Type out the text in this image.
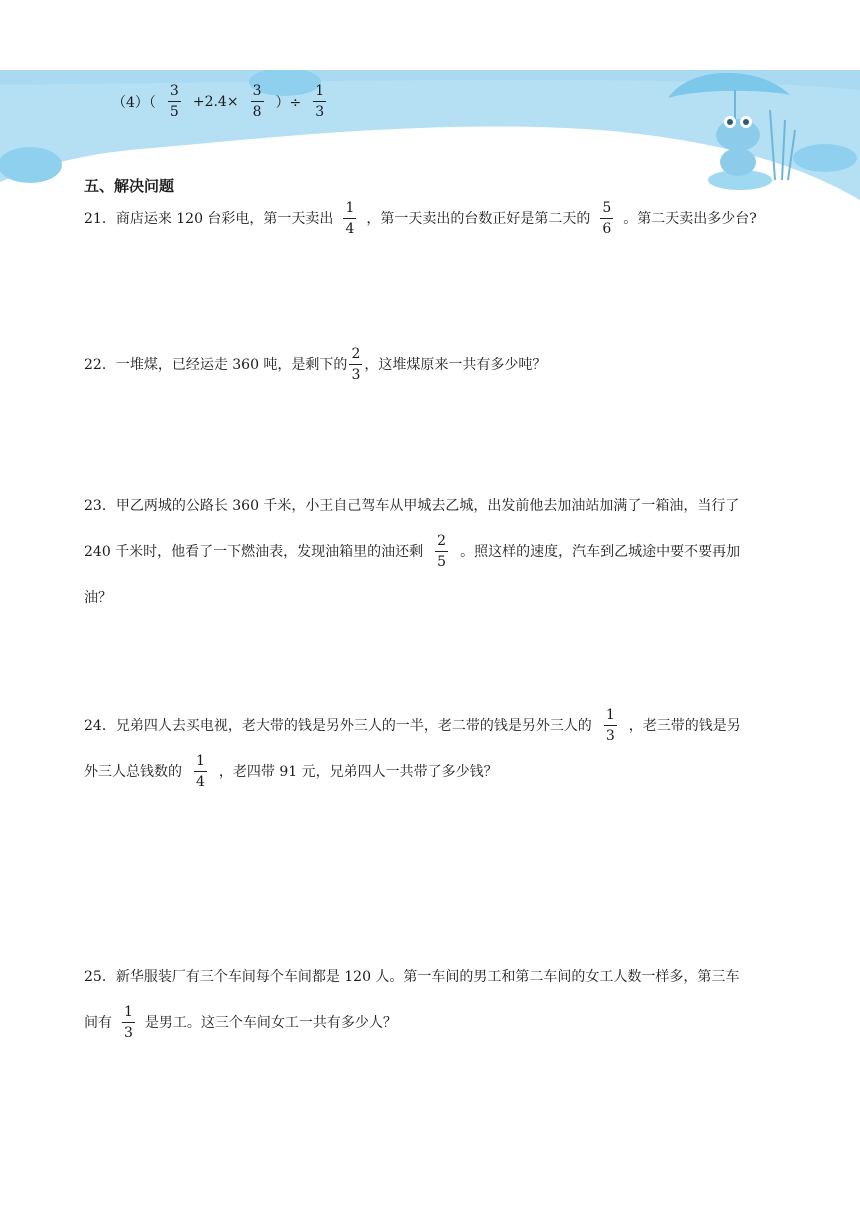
$(4)( \frac{3}{5} +2.4\times \frac{3}{8}$ ）÷ $\frac{1}{3}$
五、解决问题
21．商店运来 120 台彩电，第一天卖出 $\frac{1}{4}$ ，第一天卖出的台数正好是第二天的 $\frac{5}{6}$ 。第二天卖出多少台?
22．一堆煤，已经运走 360 吨，是剩下的 $\frac{2}{3}$ ，这堆煤原来一共有多少吨？
23．甲乙两城的公路长 360 千米，小王自己驾车从甲城去乙城，出发前他去加油站加满了一箱油，当行了
240 千米时，他看了一下燃油表，发现油箱里的油还剩 $\frac{2}{5}$ 。照这样的速度，汽车到乙城途中要不要再加
油？
24．兄弟四人去买电视，老大带的钱是另外三人的一半，老二带的钱是另外三人的 $\frac{1}{3}$ ，老三带的钱是另
外三人总钱数的 $\frac{1}{4}$ ，老四带 91 元，兄弟四人一共带了多少钱？
25．新华服装厂有三个车间每个车间都是 120 人。第一车间的男工和第二车间的女工人数一样多，第三车
间有 $\frac{1}{3}$ 是男工。这三个车间女工一共有多少人？
